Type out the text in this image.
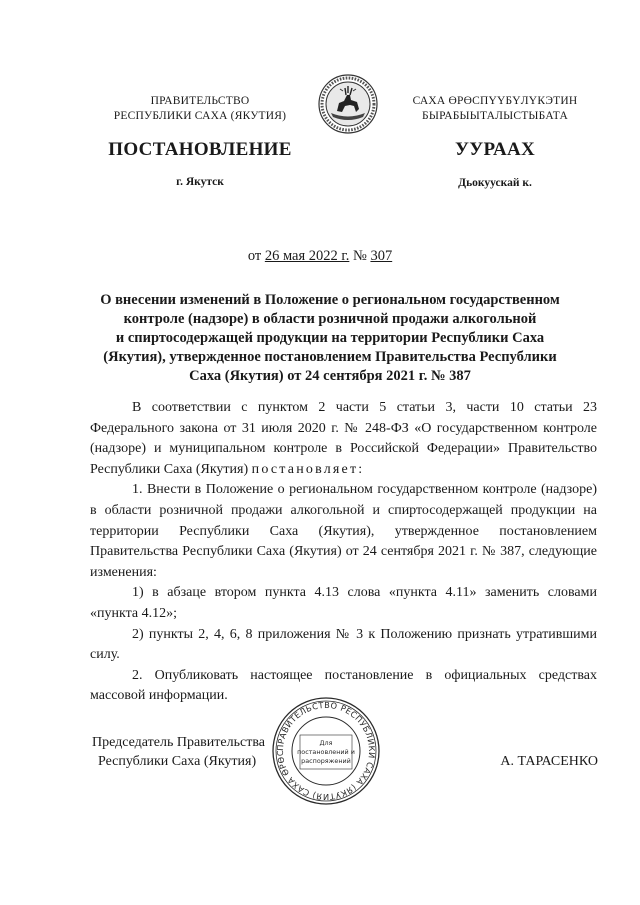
ПРАВИТЕЛЬСТВО
РЕСПУБЛИКИ САХА (ЯКУТИЯ)
САХА ӨРӨСПҮҮБҮЛҮКЭТИН
БЫРАБЫЫТАЛЫСТЫБАТА
ПОСТАНОВЛЕНИЕ	УУРААХ
г. Якутск	Дьокуускай к.
от 26 мая 2022 г. № 307
О внесении изменений в Положение о региональном государственном
контроле (надзоре) в области розничной продажи алкогольной
и спиртосодержащей продукции на территории Республики Саха
(Якутия), утвержденное постановлением Правительства Республики
Саха (Якутия) от 24 сентября 2021 г. № 387

В соответствии с пунктом 2 части 5 статьи 3, части 10 статьи 23 Федерального закона от 31 июля 2020 г. № 248-ФЗ «О государственном контроле (надзоре) и муниципальном контроле в Российской Федерации» Правительство Республики Саха (Якутия) постановляет:

1. Внести в Положение о региональном государственном контроле (надзоре) в области розничной продажи алкогольной и спиртосодержащей продукции на территории Республики Саха (Якутия), утвержденное постановлением Правительства Республики Саха (Якутия) от 24 сентября 2021 г. № 387, следующие изменения:

1) в абзаце втором пункта 4.13 слова «пункта 4.11» заменить словами «пункта 4.12»;

2) пункты 2, 4, 6, 8 приложения № 3 к Положению признать утратившими силу.

2. Опубликовать настоящее постановление в официальных средствах массовой информации.

Председатель Правительства
Республики Саха (Якутия)	А. ТАРАСЕНКО
ПРАВИТЕЛЬСТВО РЕСПУБЛИКИ САХА (ЯКУТИЯ) САХА ӨРӨС
Для
постановлений и
распоряжений
